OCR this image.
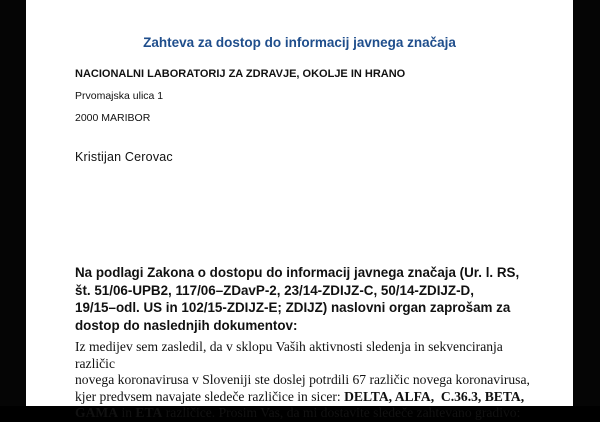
Zahteva za dostop do informacij javnega značaja
NACIONALNI LABORATORIJ ZA ZDRAVJE, OKOLJE IN HRANO
Prvomajska ulica 1
2000 MARIBOR
Kristijan Cerovac
Na podlagi Zakona o dostopu do informacij javnega značaja (Ur. l. RS,
št. 51/06-UPB2, 117/06–ZDavP-2, 23/14-ZDIJZ-C, 50/14-ZDIJZ-D,
19/15–odl. US in 102/15-ZDIJZ-E; ZDIJZ) naslovni organ zaprošam za
dostop do naslednjih dokumentov:
Iz medijev sem zasledil, da v sklopu Vaših aktivnosti sledenja in sekvenciranja različic
novega koronavirusa v Sloveniji ste doslej potrdili 67 različic novega koronavirusa,
kjer predvsem navajate sledeče različice in sicer: DELTA, ALFA, C.36.3, BETA,
GAMA in ETA različice. Prosim Vas, da mi dostavite sledeče zahtevano gradivo:
